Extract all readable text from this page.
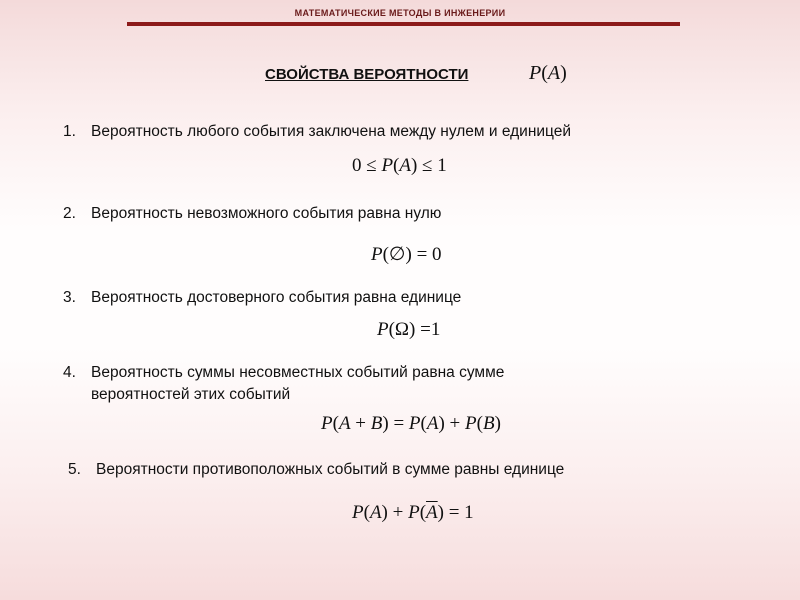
МАТЕМАТИЧЕСКИЕ МЕТОДЫ В ИНЖЕНЕРИИ
СВОЙСТВА ВЕРОЯТНОСТИ	P(A)
1. Вероятность любого события заключена между нулем и единицей
0 ≤ P(A) ≤ 1
2. Вероятность невозможного события равна нулю
P(∅) = 0
3. Вероятность достоверного события равна единице
P(Ω) =1
4. Вероятность суммы несовместных событий равна сумме
вероятностей этих событий
P(A + B) = P(A) + P(B)
5. Вероятности противоположных событий в сумме равны единице
$P(A) + P(\overline{A}) = 1$
